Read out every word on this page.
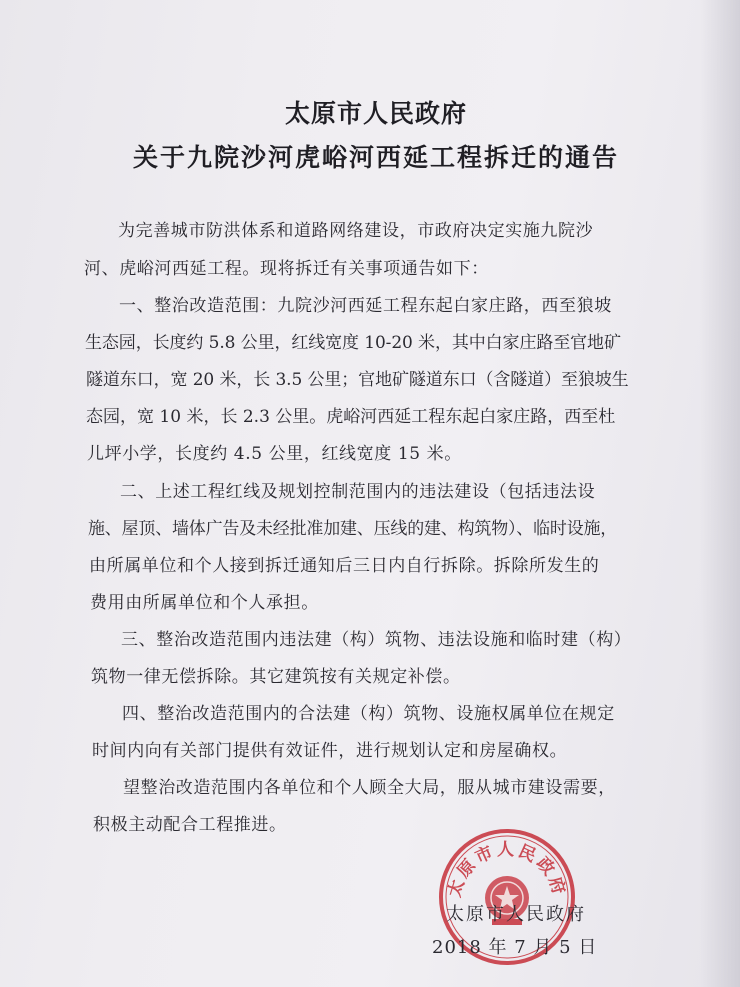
太原市人民政府
关于九院沙河虎峪河西延工程拆迁的通告
为完善城市防洪体系和道路网络建设，市政府决定实施九院沙
河、虎峪河西延工程。现将拆迁有关事项通告如下：
一、整治改造范围：九院沙河西延工程东起白家庄路，西至狼坡
生态园，长度约 5.8 公里，红线宽度 10-20 米，其中白家庄路至官地矿
隧道东口，宽 20 米，长 3.5 公里；官地矿隧道东口（含隧道）至狼坡生
态园，宽 10 米，长 2.3 公里。虎峪河西延工程东起白家庄路，西至杜
儿坪小学，长度约 4.5 公里，红线宽度 15 米。
二、上述工程红线及规划控制范围内的违法建设（包括违法设
施、屋顶、墙体广告及未经批准加建、压线的建、构筑物）、临时设施，
由所属单位和个人接到拆迁通知后三日内自行拆除。拆除所发生的
费用由所属单位和个人承担。
三、整治改造范围内违法建（构）筑物、违法设施和临时建（构）
筑物一律无偿拆除。其它建筑按有关规定补偿。
四、整治改造范围内的合法建（构）筑物、设施权属单位在规定
时间内向有关部门提供有效证件，进行规划认定和房屋确权。
望整治改造范围内各单位和个人顾全大局，服从城市建设需要，
积极主动配合工程推进。
太原市人民政府
太原市人民政府
2018 年 7 月 5 日
